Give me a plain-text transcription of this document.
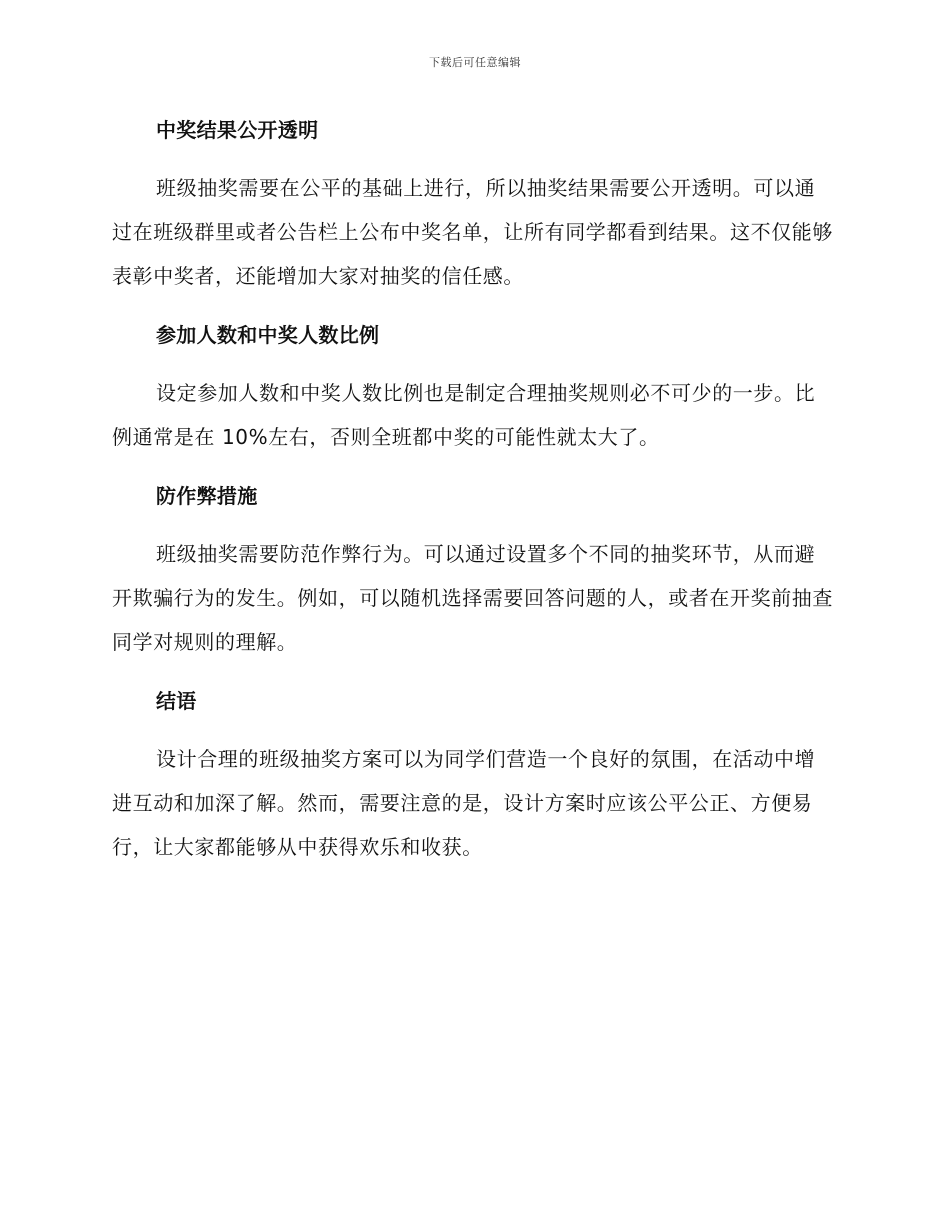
下载后可任意编辑
中奖结果公开透明

班级抽奖需要在公平的基础上进行，所以抽奖结果需要公开透明。可以通过在班级群里或者公告栏上公布中奖名单，让所有同学都看到结果。这不仅能够表彰中奖者，还能增加大家对抽奖的信任感。

参加人数和中奖人数比例

设定参加人数和中奖人数比例也是制定合理抽奖规则必不可少的一步。比例通常是在 10%左右，否则全班都中奖的可能性就太大了。

防作弊措施

班级抽奖需要防范作弊行为。可以通过设置多个不同的抽奖环节，从而避开欺骗行为的发生。例如，可以随机选择需要回答问题的人，或者在开奖前抽查同学对规则的理解。

结语

设计合理的班级抽奖方案可以为同学们营造一个良好的氛围，在活动中增进互动和加深了解。然而，需要注意的是，设计方案时应该公平公正、方便易行，让大家都能够从中获得欢乐和收获。
